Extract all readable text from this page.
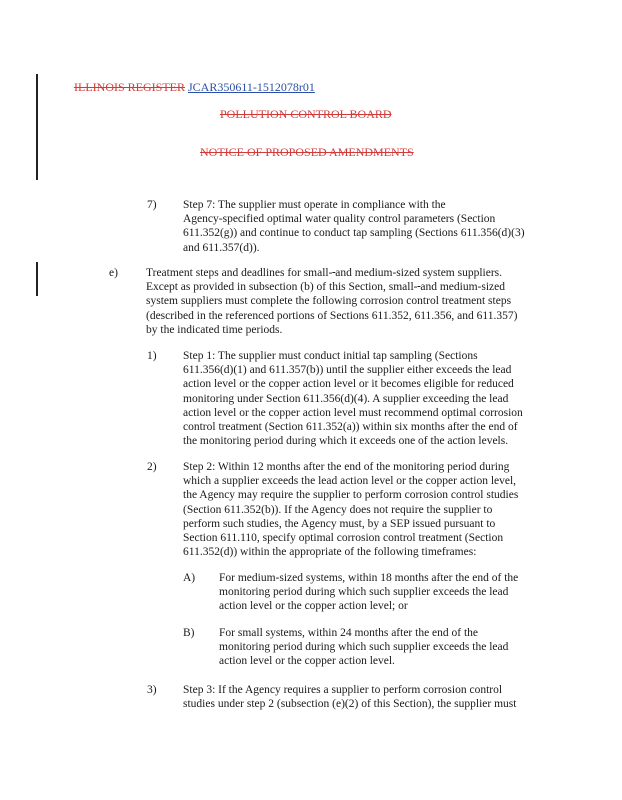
ILLINOIS REGISTER JCAR350611-1512078r01
POLLUTION CONTROL BOARD
NOTICE OF PROPOSED AMENDMENTS
7) Step 7: The supplier must operate in compliance with the
Agency-specified optimal water quality control parameters (Section
611.352(g)) and continue to conduct tap sampling (Sections 611.356(d)(3)
and 611.357(d)).
e) Treatment steps and deadlines for small- and medium-sized system suppliers.
Except as provided in subsection (b) of this Section, small- and medium-sized
system suppliers must complete the following corrosion control treatment steps
(described in the referenced portions of Sections 611.352, 611.356, and 611.357)
by the indicated time periods.
1) Step 1: The supplier must conduct initial tap sampling (Sections
611.356(d)(1) and 611.357(b)) until the supplier either exceeds the lead
action level or the copper action level or it becomes eligible for reduced
monitoring under Section 611.356(d)(4). A supplier exceeding the lead
action level or the copper action level must recommend optimal corrosion
control treatment (Section 611.352(a)) within six months after the end of
the monitoring period during which it exceeds one of the action levels.
2) Step 2: Within 12 months after the end of the monitoring period during
which a supplier exceeds the lead action level or the copper action level,
the Agency may require the supplier to perform corrosion control studies
(Section 611.352(b)). If the Agency does not require the supplier to
perform such studies, the Agency must, by a SEP issued pursuant to
Section 611.110, specify optimal corrosion control treatment (Section
611.352(d)) within the appropriate of the following timeframes:
A) For medium-sized systems, within 18 months after the end of the
monitoring period during which such supplier exceeds the lead
action level or the copper action level; or
B) For small systems, within 24 months after the end of the
monitoring period during which such supplier exceeds the lead
action level or the copper action level.
3) Step 3: If the Agency requires a supplier to perform corrosion control
studies under step 2 (subsection (e)(2) of this Section), the supplier must
